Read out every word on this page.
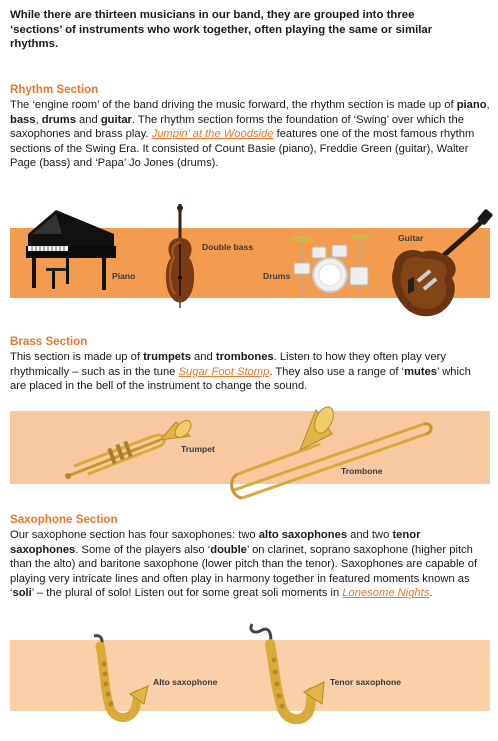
While there are thirteen musicians in our band, they are grouped into three ‘sections’ of instruments who work together, often playing the same or similar rhythms.
Rhythm Section
The ‘engine room’ of the band driving the music forward, the rhythm section is made up of piano, bass, drums and guitar. The rhythm section forms the foundation of ‘Swing’ over which the saxophones and brass play. Jumpin’ at the Woodside features one of the most famous rhythm sections of the Swing Era. It consisted of Count Basie (piano), Freddie Green (guitar), Walter Page (bass) and ‘Papa’ Jo Jones (drums).
Piano
Double bass
Drums
Guitar
Brass Section
This section is made up of trumpets and trombones. Listen to how they often play very rhythmically – such as in the tune Sugar Foot Stomp. They also use a range of ‘mutes’ which are placed in the bell of the instrument to change the sound.
Trumpet
Trombone
Saxophone Section
Our saxophone section has four saxophones: two alto saxophones and two tenor saxophones. Some of the players also ‘double’ on clarinet, soprano saxophone (higher pitch than the alto) and baritone saxophone (lower pitch than the tenor). Saxophones are capable of playing very intricate lines and often play in harmony together in featured moments known as ‘soli’ – the plural of solo! Listen out for some great soli moments in Lonesome Nights.
Alto saxophone	Tenor saxophone
